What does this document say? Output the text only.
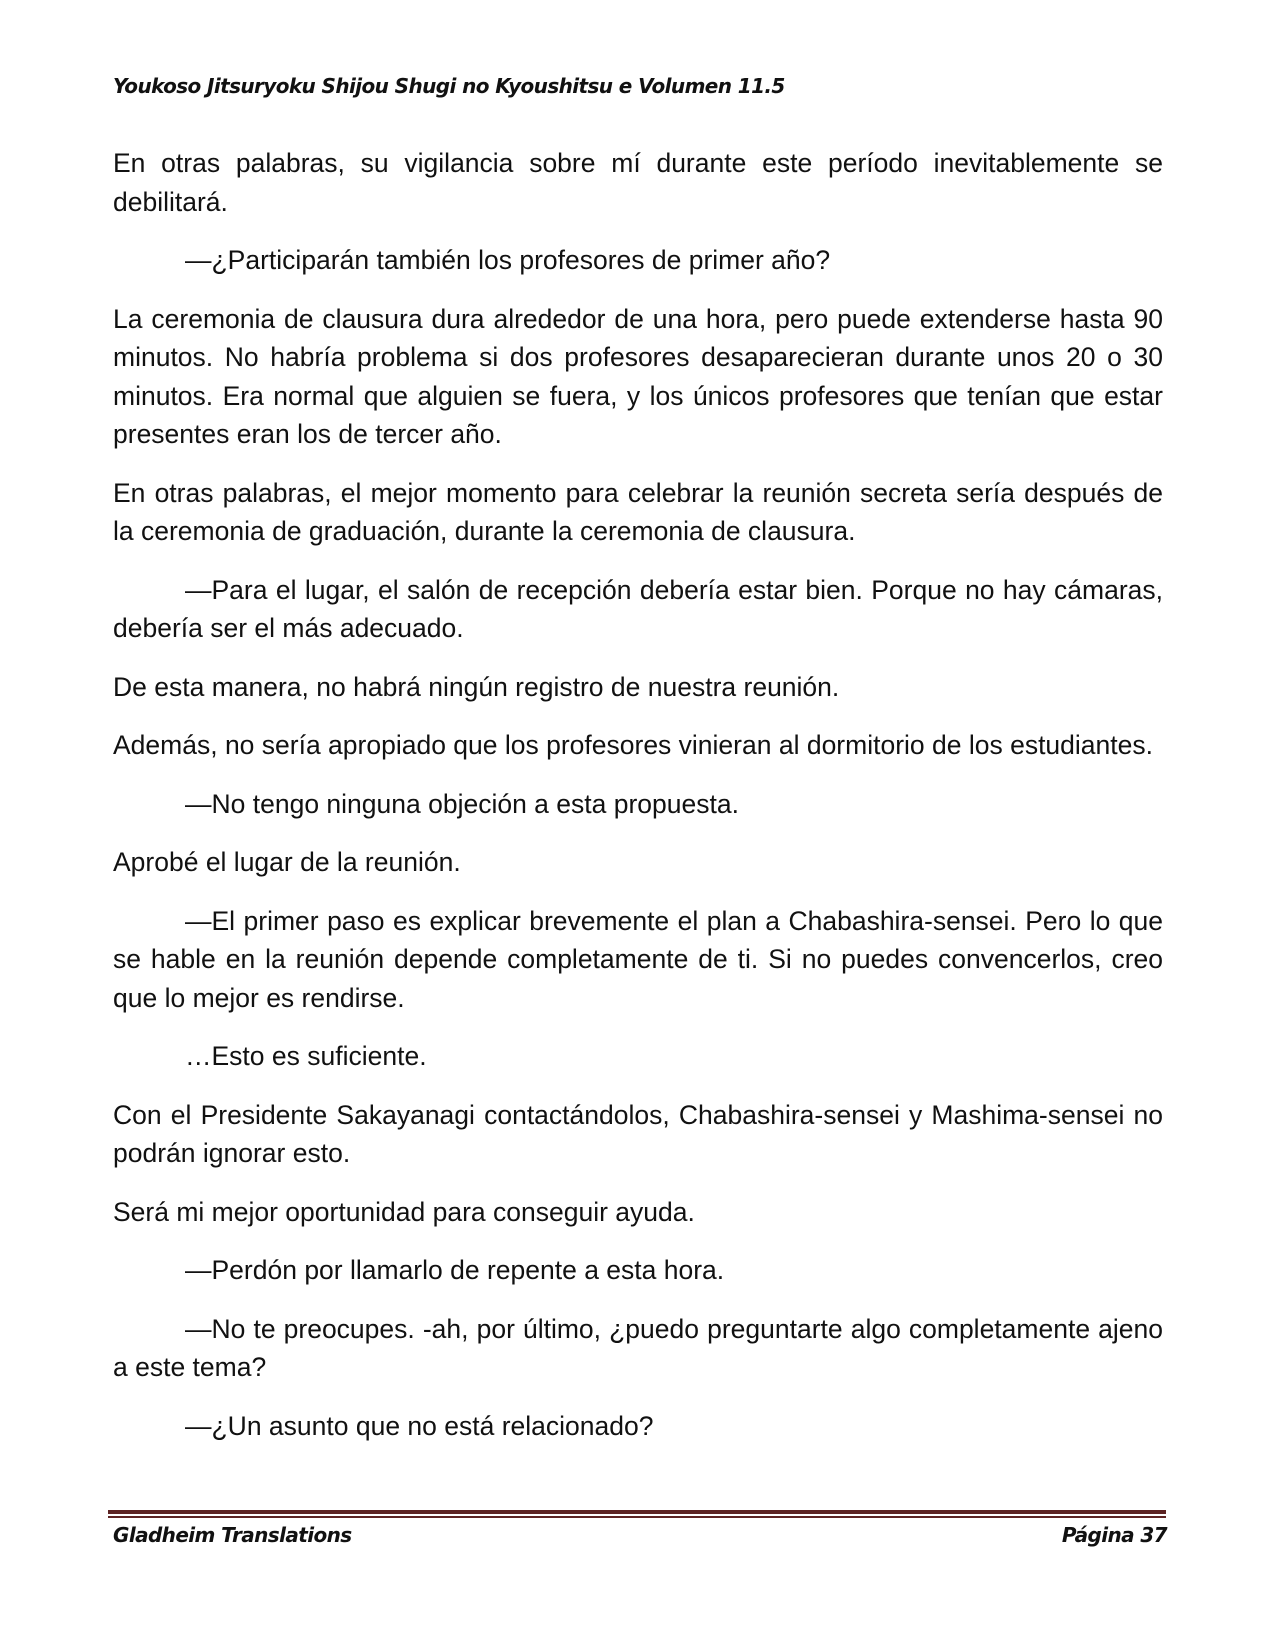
Youkoso Jitsuryoku Shijou Shugi no Kyoushitsu e Volumen 11.5

En otras palabras, su vigilancia sobre mí durante este período inevitablemente se debilitará.

—¿Participarán también los profesores de primer año?

La ceremonia de clausura dura alrededor de una hora, pero puede extenderse hasta 90 minutos. No habría problema si dos profesores desaparecieran durante unos 20 o 30 minutos. Era normal que alguien se fuera, y los únicos profesores que tenían que estar presentes eran los de tercer año.

En otras palabras, el mejor momento para celebrar la reunión secreta sería después de la ceremonia de graduación, durante la ceremonia de clausura.

—Para el lugar, el salón de recepción debería estar bien. Porque no hay cámaras, debería ser el más adecuado.

De esta manera, no habrá ningún registro de nuestra reunión.

Además, no sería apropiado que los profesores vinieran al dormitorio de los estudiantes.

—No tengo ninguna objeción a esta propuesta.

Aprobé el lugar de la reunión.

—El primer paso es explicar brevemente el plan a Chabashira-sensei. Pero lo que se hable en la reunión depende completamente de ti. Si no puedes convencerlos, creo que lo mejor es rendirse.

…Esto es suficiente.

Con el Presidente Sakayanagi contactándolos, Chabashira-sensei y Mashima-sensei no podrán ignorar esto.

Será mi mejor oportunidad para conseguir ayuda.

—Perdón por llamarlo de repente a esta hora.

—No te preocupes. -ah, por último, ¿puedo preguntarte algo completamente ajeno a este tema?

—¿Un asunto que no está relacionado?

Gladheim Translations	Página 37
